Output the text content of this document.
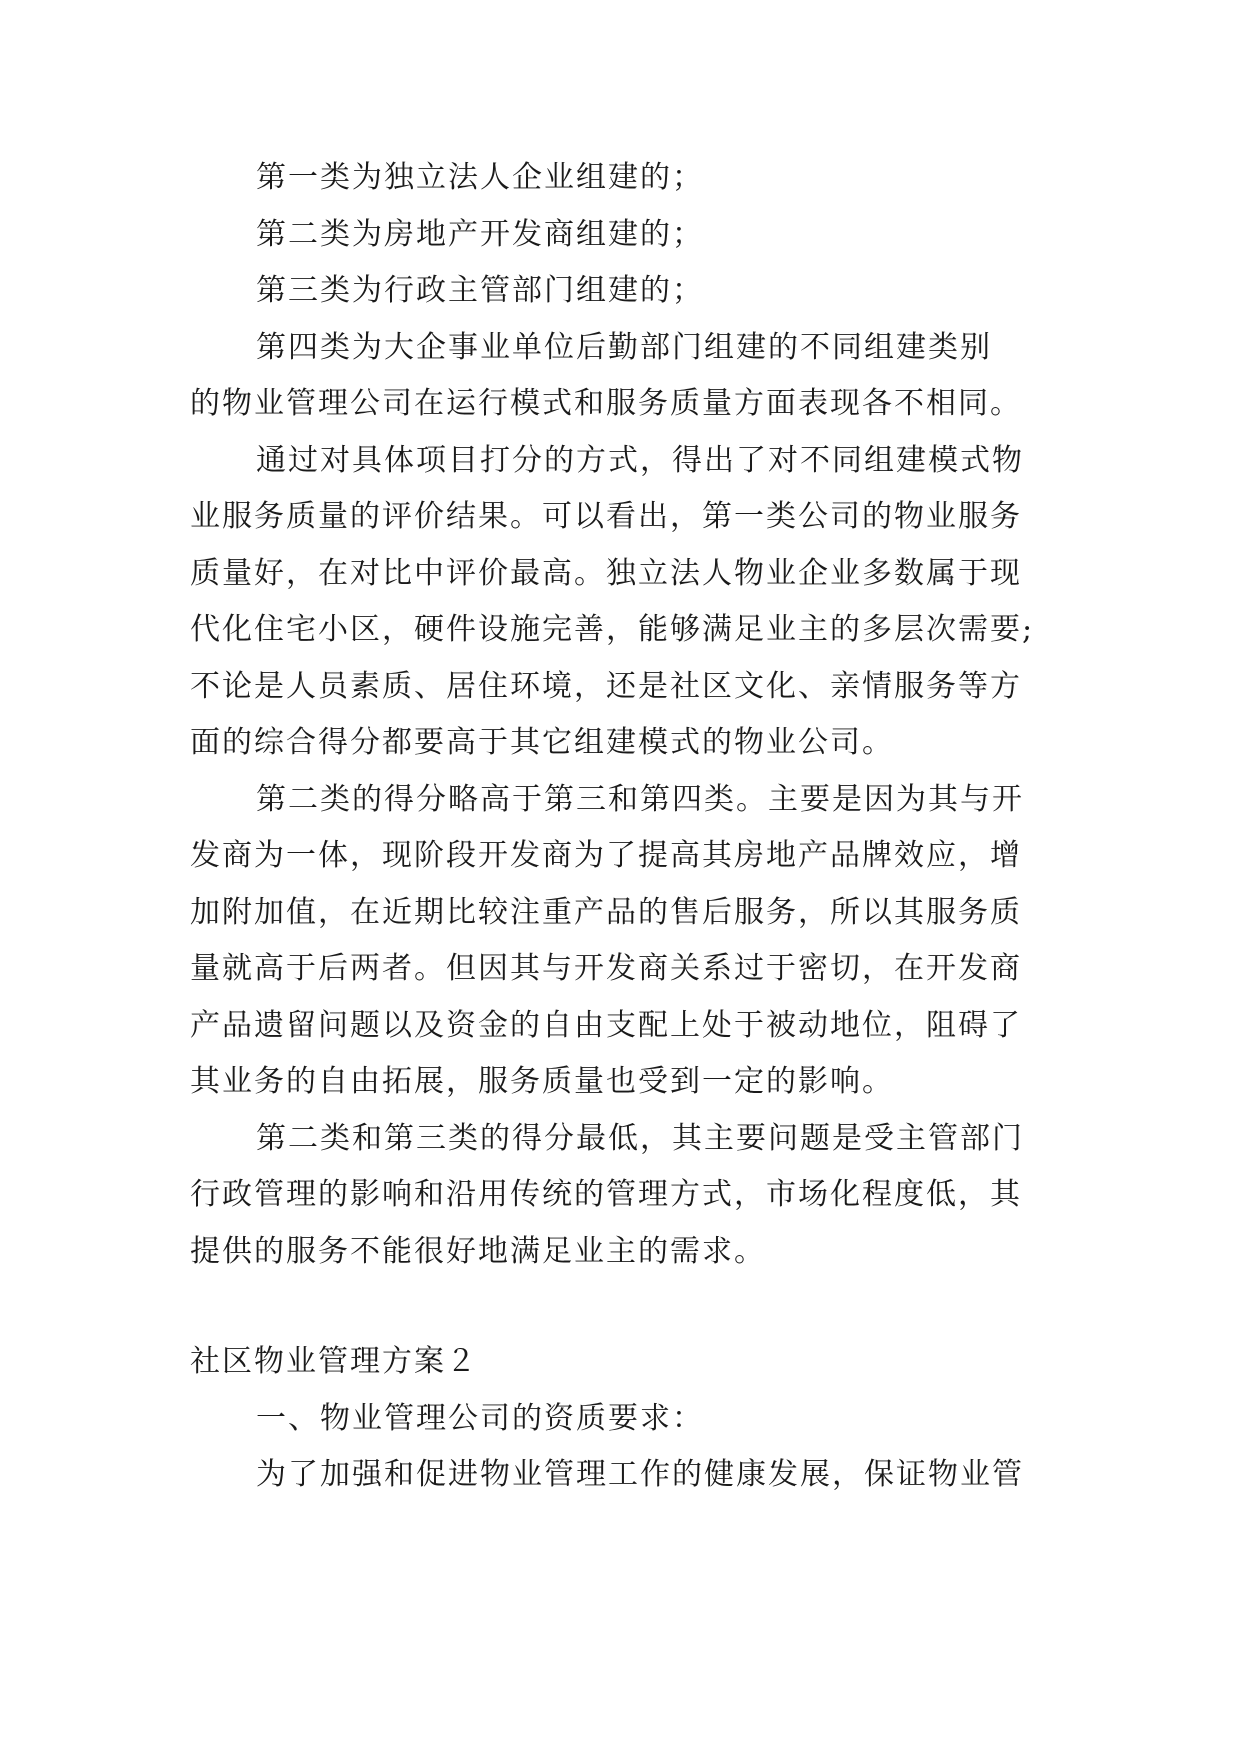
第一类为独立法人企业组建的；
第二类为房地产开发商组建的；
第三类为行政主管部门组建的；
第四类为大企事业单位后勤部门组建的不同组建类别
的物业管理公司在运行模式和服务质量方面表现各不相同。
通过对具体项目打分的方式，得出了对不同组建模式物
业服务质量的评价结果。可以看出，第一类公司的物业服务
质量好，在对比中评价最高。独立法人物业企业多数属于现
代化住宅小区，硬件设施完善，能够满足业主的多层次需要;
不论是人员素质、居住环境，还是社区文化、亲情服务等方
面的综合得分都要高于其它组建模式的物业公司。
第二类的得分略高于第三和第四类。主要是因为其与开
发商为一体，现阶段开发商为了提高其房地产品牌效应，增
加附加值，在近期比较注重产品的售后服务，所以其服务质
量就高于后两者。但因其与开发商关系过于密切，在开发商
产品遗留问题以及资金的自由支配上处于被动地位，阻碍了
其业务的自由拓展，服务质量也受到一定的影响。
第二类和第三类的得分最低，其主要问题是受主管部门
行政管理的影响和沿用传统的管理方式，市场化程度低，其
提供的服务不能很好地满足业主的需求。
社区物业管理方案２
一、物业管理公司的资质要求：
为了加强和促进物业管理工作的健康发展，保证物业管
